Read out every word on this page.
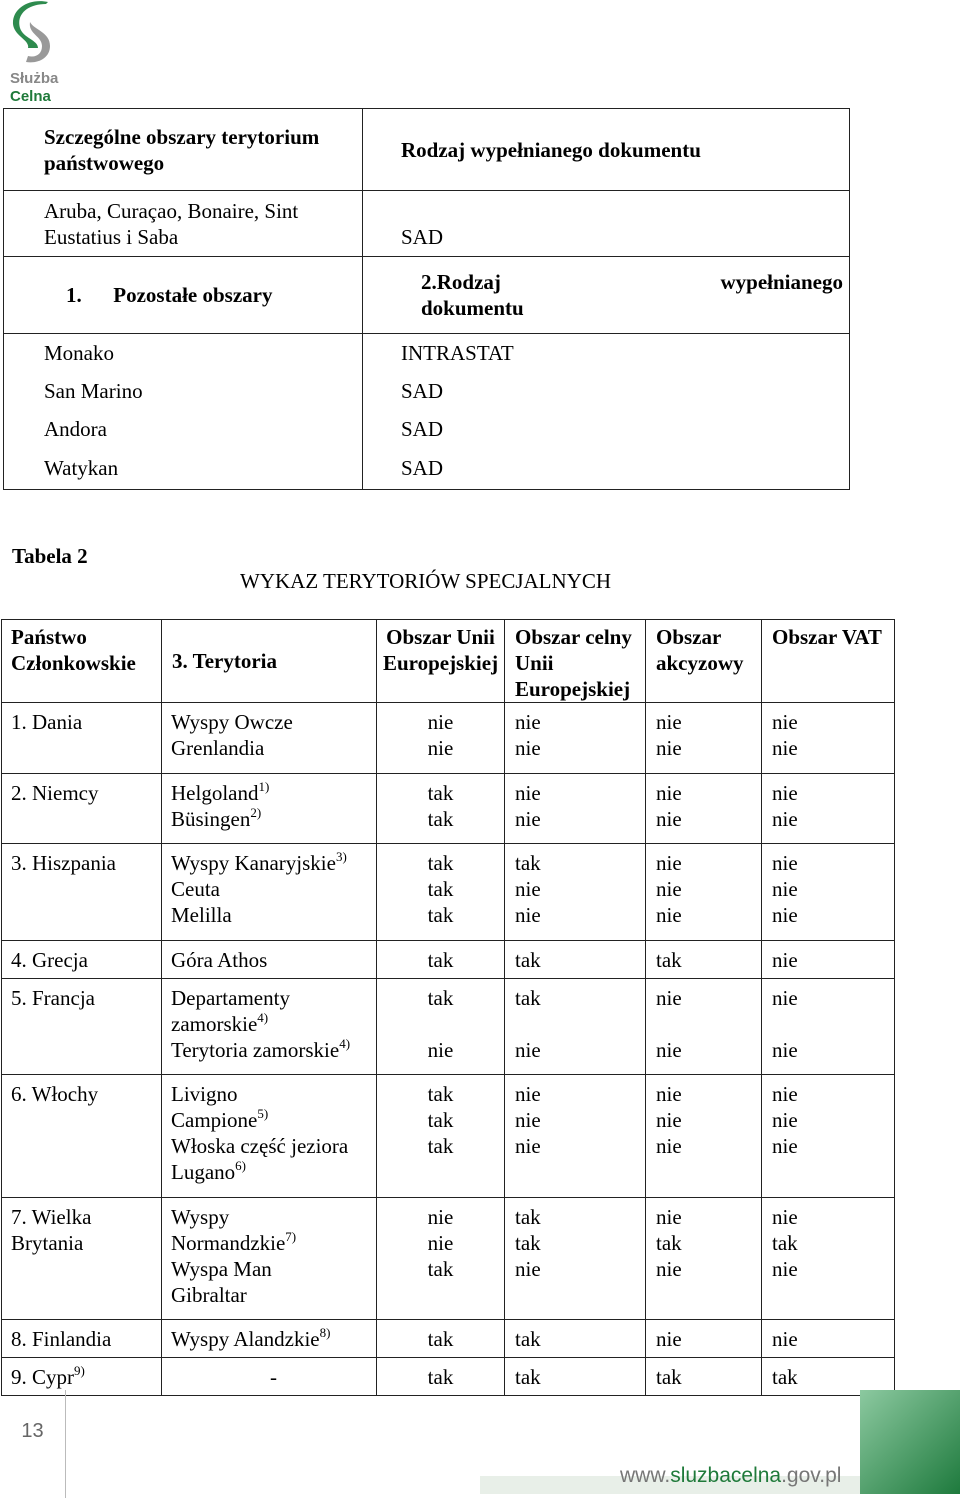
Służba
Celna
Szczególne obszary terytorium państwowego	Rodzaj wypełnianego dokumentu
Aruba, Curaçao, Bonaire, Sint Eustatius i Saba	SAD
1. Pozostałe obszary	2. Rodzaj wypełnianego
dokumentu

Monako	INTRASTAT
San Marino	SAD
Andora	SAD
Watykan	SAD
Tabela 2
WYKAZ TERYTORIÓW SPECJALNYCH
Państwo Członkowskie	3. Terytoria	Obszar Unii Europejskiej	Obszar celny Unii Europejskiej	Obszar akcyzowy	Obszar VAT
1. Dania	Wyspy Owcze	nie	nie	nie	nie
	Grenlandia	nie	nie	nie	nie
2. Niemcy	Helgoland$^{1)}$	tak	nie	nie	nie
	Büsingen$^{2)}$	tak	nie	nie	nie
3. Hiszpania	Wyspy Kanaryjskie$^{3)}$	tak	tak	nie	nie
	Ceuta	tak	nie	nie	nie
	Melilla	tak	nie	nie	nie
4. Grecja	Góra Athos	tak	tak	tak	nie
5. Francja	Departamenty	tak	tak	nie	nie
	zamorskie$^{4)}$				
	Terytoria zamorskie$^{4)}$	nie	nie	nie	nie
6. Włochy	Livigno	tak	nie	nie	nie
	Campione$^{5)}$	tak	nie	nie	nie
	Włoska część jeziora	tak	nie	nie	nie
	Lugano$^{6)}$				
7. Wielka Brytania	Wyspy	nie	tak	nie	nie
	Normandzkie$^{7)}$	nie	tak	tak	tak
	Wyspa Man	tak	nie	nie	nie
	Gibraltar				
8. Finlandia	Wyspy Alandzkie$^{8)}$	tak	tak	nie	nie
9. Cypr$^{9)}$	-	tak	tak	tak	tak
13
www.sluzbacelna.gov.pl
